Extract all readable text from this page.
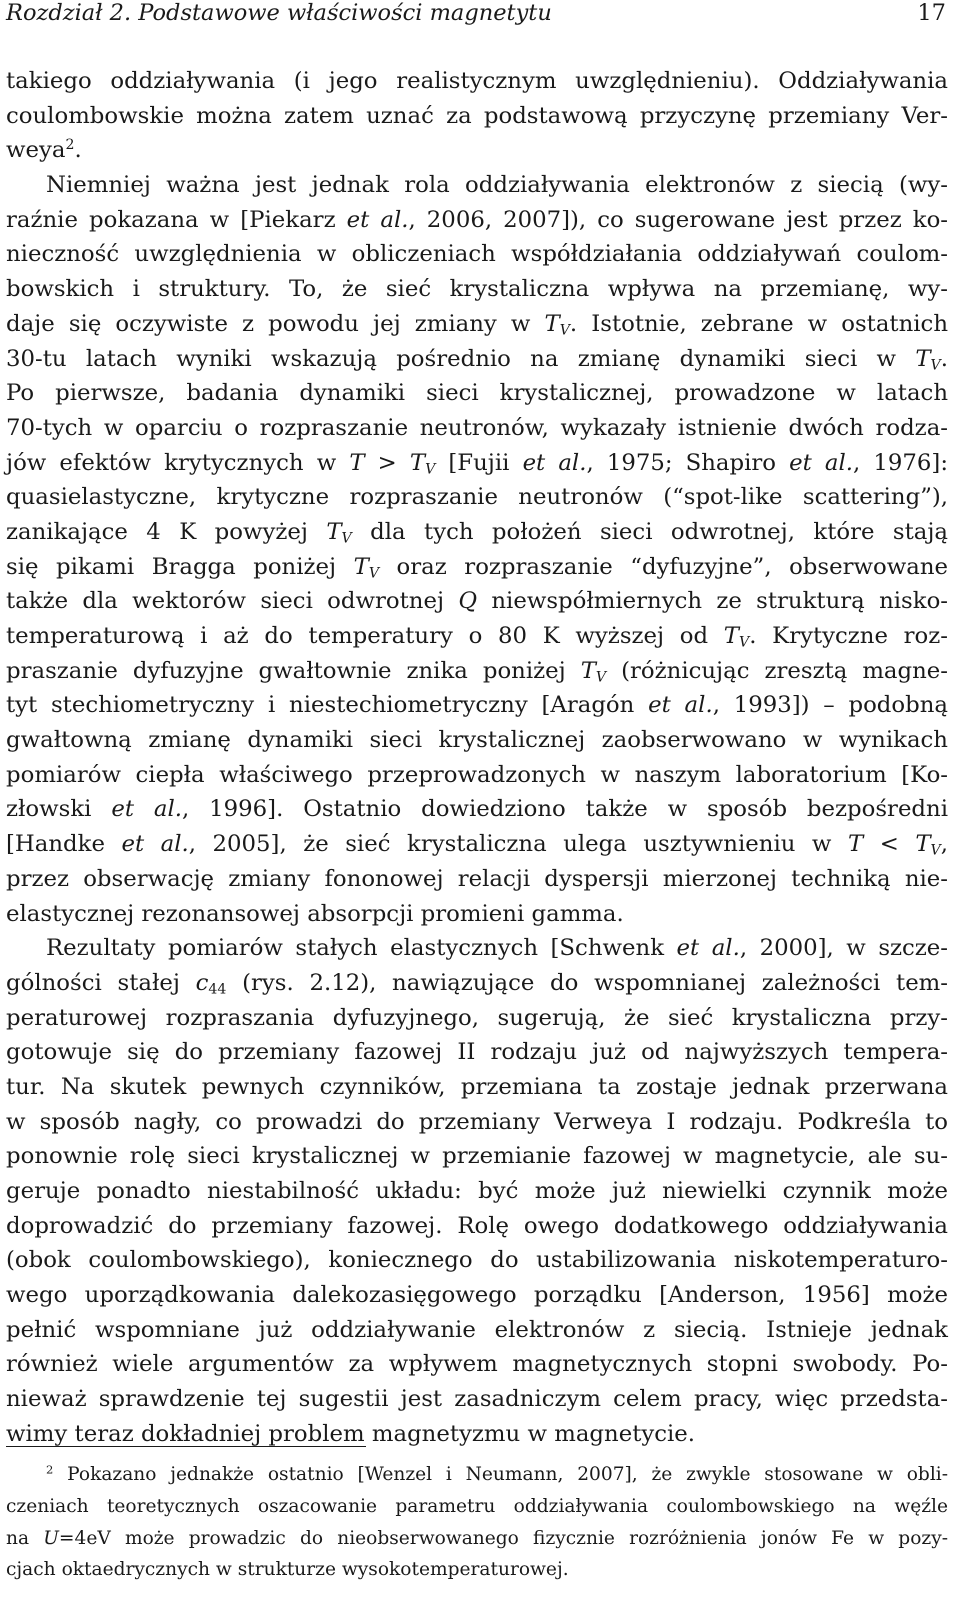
Rozdział 2. Podstawowe właściwości magnetytu	17
takiego oddziaływania (i jego realistycznym uwzględnieniu). Oddziaływania
coulombowskie można zatem uznać za podstawową przyczynę przemiany Ver-
weya$^2$.
Niemniej ważna jest jednak rola oddziaływania elektronów z siecią (wy-
raźnie pokazana w [Piekarz et al., 2006, 2007]), co sugerowane jest przez ko-
nieczność uwzględnienia w obliczeniach współdziałania oddziaływań coulom-
bowskich i struktury. To, że sieć krystaliczna wpływa na przemianę, wy-
daje się oczywiste z powodu jej zmiany w $T_V$. Istotnie, zebrane w ostatnich
30-tu latach wyniki wskazują pośrednio na zmianę dynamiki sieci w $T_V$.
Po pierwsze, badania dynamiki sieci krystalicznej, prowadzone w latach
70-tych w oparciu o rozpraszanie neutronów, wykazały istnienie dwóch rodza-
jów efektów krytycznych w $T > T_V$ [Fujii et al., 1975; Shapiro et al., 1976]:
quasielastyczne, krytyczne rozpraszanie neutronów (“spot-like scattering”),
zanikające 4 K powyżej $T_V$ dla tych położeń sieci odwrotnej, które stają
się pikami Bragga poniżej $T_V$ oraz rozpraszanie “dyfuzyjne”, obserwowane
także dla wektorów sieci odwrotnej Q niewspółmiernych ze strukturą nisko-
temperaturową i aż do temperatury o 80 K wyższej od $T_V$. Krytyczne roz-
praszanie dyfuzyjne gwałtownie znika poniżej $T_V$ (różnicując zresztą magne-
tyt stechiometryczny i niestechiometryczny [Aragón et al., 1993]) – podobną
gwałtowną zmianę dynamiki sieci krystalicznej zaobserwowano w wynikach
pomiarów ciepła właściwego przeprowadzonych w naszym laboratorium [Ko-
złowski et al., 1996]. Ostatnio dowiedziono także w sposób bezpośredni
[Handke et al., 2005], że sieć krystaliczna ulega usztywnieniu w $T < T_V$,
przez obserwację zmiany fononowej relacji dyspersji mierzonej techniką nie-
elastycznej rezonansowej absorpcji promieni gamma.
Rezultaty pomiarów stałych elastycznych [Schwenk et al., 2000], w szcze-
gólności stałej $c_{44}$ (rys. 2.12), nawiązujące do wspomnianej zależności tem-
peraturowej rozpraszania dyfuzyjnego, sugerują, że sieć krystaliczna przy-
gotowuje się do przemiany fazowej II rodzaju już od najwyższych tempera-
tur. Na skutek pewnych czynników, przemiana ta zostaje jednak przerwana
w sposób nagły, co prowadzi do przemiany Verweya I rodzaju. Podkreśla to
ponownie rolę sieci krystalicznej w przemianie fazowej w magnetycie, ale su-
geruje ponadto niestabilność układu: być może już niewielki czynnik może
doprowadzić do przemiany fazowej. Rolę owego dodatkowego oddziaływania
(obok coulombowskiego), koniecznego do ustabilizowania niskotemperaturo-
wego uporządkowania dalekozasięgowego porządku [Anderson, 1956] może
pełnić wspomniane już oddziaływanie elektronów z siecią. Istnieje jednak
również wiele argumentów za wpływem magnetycznych stopni swobody. Po-
nieważ sprawdzenie tej sugestii jest zasadniczym celem pracy, więc przedsta-
wimy teraz dokładniej problem magnetyzmu w magnetycie.
$^2$ Pokazano jednakże ostatnio [Wenzel i Neumann, 2007], że zwykle stosowane w obli-
czeniach teoretycznych oszacowanie parametru oddziaływania coulombowskiego na węźle
na U=4eV może prowadzic do nieobserwowanego fizycznie rozróżnienia jonów Fe w pozy-
cjach oktaedrycznych w strukturze wysokotemperaturowej.
